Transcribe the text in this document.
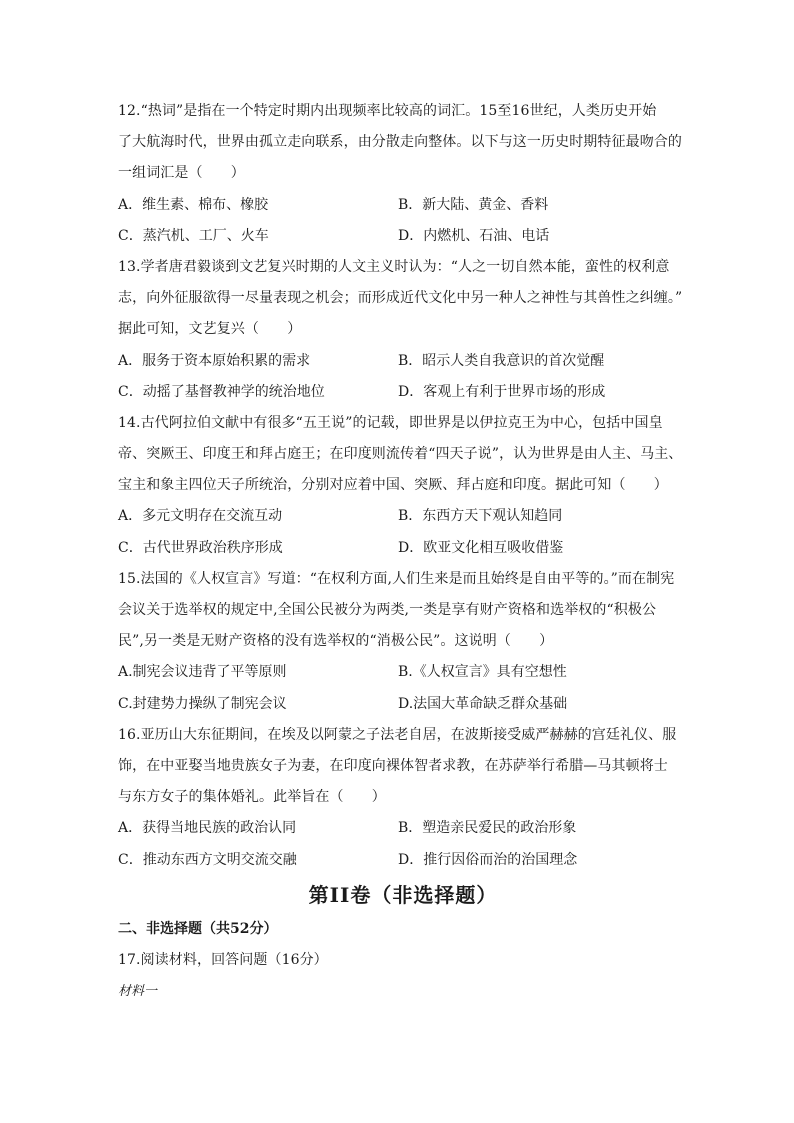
12.“热词”是指在一个特定时期内出现频率比较高的词汇。15至16世纪，人类历史开始
了大航海时代，世界由孤立走向联系，由分散走向整体。以下与这一历史时期特征最吻合的
一组词汇是（　　）
A．维生素、棉布、橡胶	B．新大陆、黄金、香料
C．蒸汽机、工厂、火车	D．内燃机、石油、电话
13.学者唐君毅谈到文艺复兴时期的人文主义时认为：“人之一切自然本能，蛮性的权利意
志，向外征服欲得一尽量表现之机会；而形成近代文化中另一种人之神性与其兽性之纠缠。”
据此可知，文艺复兴（　　）
A．服务于资本原始积累的需求	B．昭示人类自我意识的首次觉醒
C．动摇了基督教神学的统治地位	D．客观上有利于世界市场的形成
14.古代阿拉伯文献中有很多“五王说”的记载，即世界是以伊拉克王为中心，包括中国皇
帝、突厥王、印度王和拜占庭王；在印度则流传着“四天子说”，认为世界是由人主、马主、
宝主和象主四位天子所统治，分别对应着中国、突厥、拜占庭和印度。据此可知（　　）
A．多元文明存在交流互动	B．东西方天下观认知趋同
C．古代世界政治秩序形成	D．欧亚文化相互吸收借鉴
15.法国的《人权宣言》写道：“在权利方面,人们生来是而且始终是自由平等的。”而在制宪
会议关于选举权的规定中,全国公民被分为两类,一类是享有财产资格和选举权的“积极公
民”,另一类是无财产资格的没有选举权的“消极公民”。这说明（　　）
A.制宪会议违背了平等原则	B.《人权宣言》具有空想性
C.封建势力操纵了制宪会议	D.法国大革命缺乏群众基础
16.亚历山大东征期间，在埃及以阿蒙之子法老自居，在波斯接受威严赫赫的宫廷礼仪、服
饰，在中亚娶当地贵族女子为妻，在印度向裸体智者求教，在苏萨举行希腊—马其顿将士
与东方女子的集体婚礼。此举旨在（　　）
A．获得当地民族的政治认同	B．塑造亲民爱民的政治形象
C．推动东西方文明交流交融	D．推行因俗而治的治国理念
第II卷（非选择题）
二、非选择题（共52分）
17.阅读材料，回答问题（16分）
材料一
